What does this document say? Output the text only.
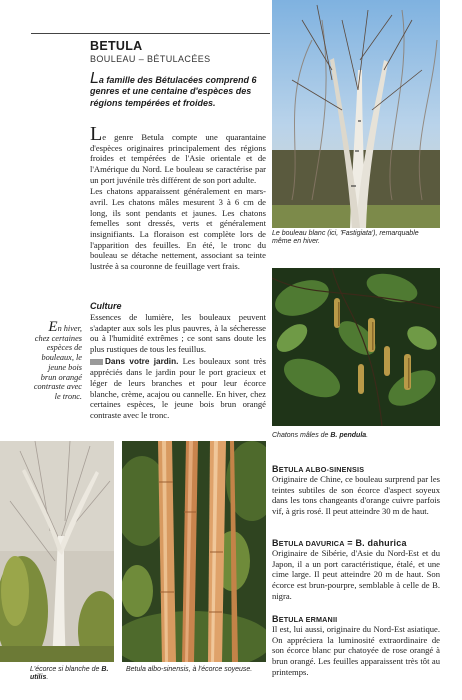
BETULA
BOULEAU – BÉTULACÉES
La famille des Bétulacées comprend 6 genres et une centaine d'espèces des régions tempérées et froides.

Le genre Betula compte une quarantaine d'espèces originaires principalement des régions froides et tempérées de l'Asie orientale et de l'Amérique du Nord. Le bouleau se caractérise par un port juvénile très différent de son port adulte.

Les chatons apparaissent généralement en mars-avril. Les chatons mâles mesurent 3 à 6 cm de long, ils sont pendants et jaunes. Les chatons femelles sont dressés, verts et généralement insignifiants. La floraison est complète lors de l'apparition des feuilles. En été, le tronc du bouleau se détache nettement, associant sa teinte lustrée à sa couronne de feuillage vert frais.

Culture

Essences de lumière, les bouleaux peuvent s'adapter aux sols les plus pauvres, à la sécheresse ou à l'humidité extrêmes ; ce sont sans doute les plus rustiques de tous les feuillus.

Dans votre jardin. Les bouleaux sont très appréciés dans le jardin pour le port gracieux et léger de leurs branches et pour leur écorce blanche, crème, acajou ou cannelle. En hiver, chez certaines espèces, le jeune bois brun orangé contraste avec le tronc.

En hiver, chez certaines espèces de bouleaux, le jeune bois brun orangé contraste avec le tronc.
Le bouleau blanc (ici, 'Fastigiata'), remarquable même en hiver.
Chatons mâles de B. pendula.
L'écorce si blanche de B. utilis.
Betula albo-sinensis, à l'écorce soyeuse.
BETULA ALBO-SINENSIS
Originaire de Chine, ce bouleau surprend par les teintes subtiles de son écorce d'aspect soyeux dans les tons changeants d'orange cuivre parfois vif, à gris rosé. Il peut atteindre 30 m de haut.
BETULA DAVURICA = B. dahurica
Originaire de Sibérie, d'Asie du Nord-Est et du Japon, il a un port caractéristique, étalé, et une cime large. Il peut atteindre 20 m de haut. Son écorce est brun-pourpre, semblable à celle de B. nigra.
BETULA ERMANII
Il est, lui aussi, originaire du Nord-Est asiatique. On appréciera la luminosité extraordinaire de son écorce blanc pur chatoyée de rose orangé à brun orangé. Les feuilles apparaissent très tôt au printemps.
